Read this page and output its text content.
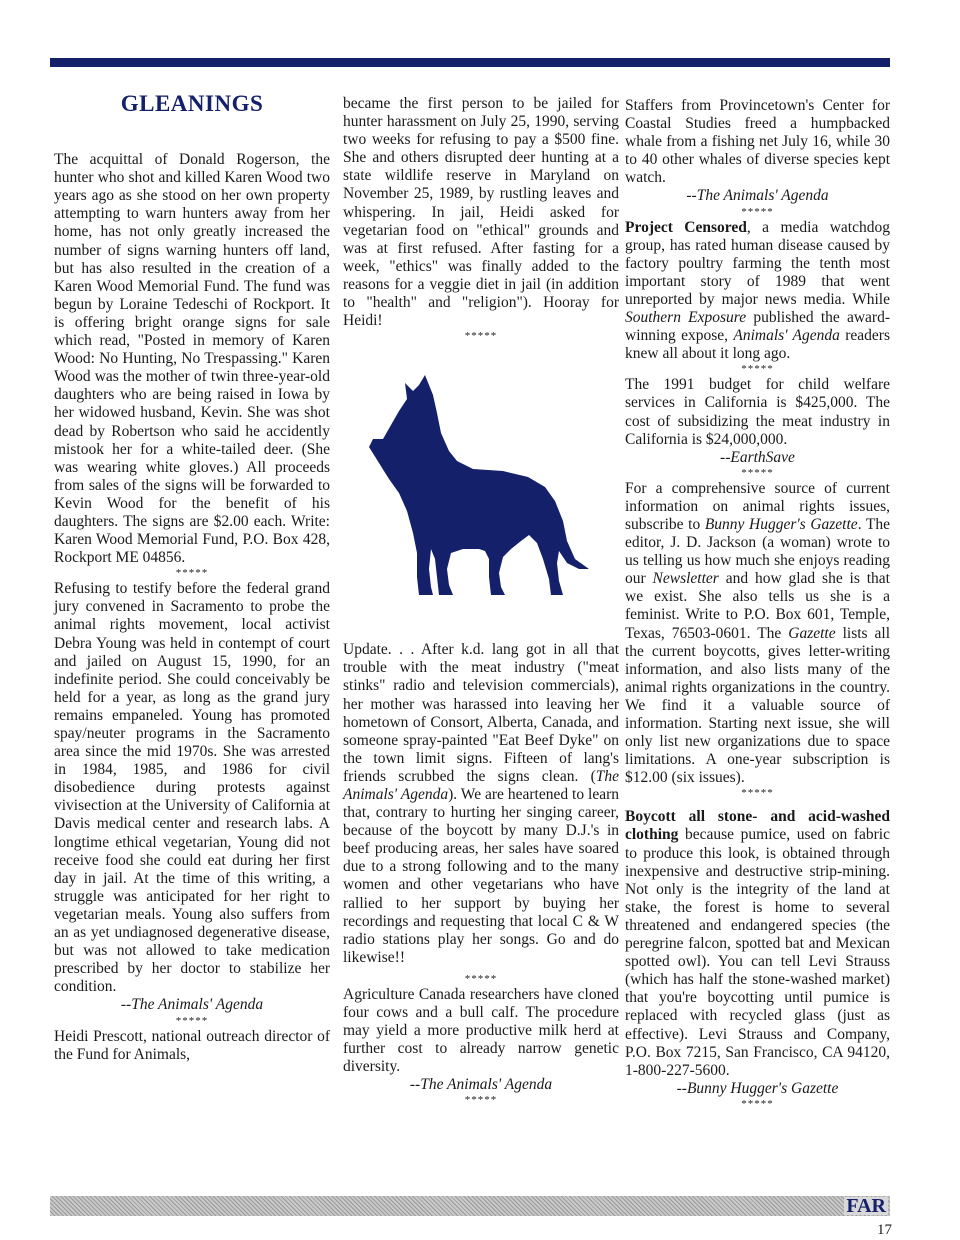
GLEANINGS

The acquittal of Donald Rogerson, the hunter who shot and killed Karen Wood two years ago as she stood on her own property attempting to warn hunters away from her home, has not only greatly increased the number of signs warning hunters off land, but has also resulted in the creation of a Karen Wood Memorial Fund. The fund was begun by Loraine Tedeschi of Rockport. It is offering bright orange signs for sale which read, "Posted in memory of Karen Wood: No Hunting, No Trespassing." Karen Wood was the mother of twin three-year-old daughters who are being raised in Iowa by her widowed husband, Kevin. She was shot dead by Robertson who said he accidently mistook her for a white-tailed deer. (She was wearing white gloves.) All proceeds from sales of the signs will be forwarded to Kevin Wood for the benefit of his daughters. The signs are $2.00 each. Write: Karen Wood Memorial Fund, P.O. Box 428, Rockport ME 04856.

*****

Refusing to testify before the federal grand jury convened in Sacramento to probe the animal rights movement, local activist Debra Young was held in contempt of court and jailed on August 15, 1990, for an indefinite period. She could conceivably be held for a year, as long as the grand jury remains empaneled. Young has promoted spay/neuter programs in the Sacramento area since the mid 1970s. She was arrested in 1984, 1985, and 1986 for civil disobedience during protests against vivisection at the University of California at Davis medical center and research labs. A longtime ethical vegetarian, Young did not receive food she could eat during her first day in jail. At the time of this writing, a struggle was anticipated for her right to vegetarian meals. Young also suffers from an as yet undiagnosed degenerative disease, but was not allowed to take medication prescribed by her doctor to stabilize her condition.

--The Animals' Agenda

*****

Heidi Prescott, national outreach director of the Fund for Animals,

became the first person to be jailed for hunter harassment on July 25, 1990, serving two weeks for refusing to pay a $500 fine. She and others disrupted deer hunting at a state wildlife reserve in Maryland on November 25, 1989, by rustling leaves and whispering. In jail, Heidi asked for vegetarian food on "ethical" grounds and was at first refused. After fasting for a week, "ethics" was finally added to the reasons for a veggie diet in jail (in addition to "health" and "religion"). Hooray for Heidi!

*****

Update. . . After k.d. lang got in all that trouble with the meat industry ("meat stinks" radio and television commercials), her mother was harassed into leaving her hometown of Consort, Alberta, Canada, and someone spray-painted "Eat Beef Dyke" on the town limit signs. Fifteen of lang's friends scrubbed the signs clean. (The Animals' Agenda). We are heartened to learn that, contrary to hurting her singing career, because of the boycott by many D.J.'s in beef producing areas, her sales have soared due to a strong following and to the many women and other vegetarians who have rallied to her support by buying her recordings and requesting that local C & W radio stations play her songs. Go and do likewise!!

*****

Agriculture Canada researchers have cloned four cows and a bull calf. The procedure may yield a more productive milk herd at further cost to already narrow genetic diversity.

--The Animals' Agenda

*****

Staffers from Provincetown's Center for Coastal Studies freed a humpbacked whale from a fishing net July 16, while 30 to 40 other whales of diverse species kept watch.

--The Animals' Agenda

*****

Project Censored, a media watchdog group, has rated human disease caused by factory poultry farming the tenth most important story of 1989 that went unreported by major news media. While Southern Exposure published the award-winning expose, Animals' Agenda readers knew all about it long ago.

*****

The 1991 budget for child welfare services in California is $425,000. The cost of subsidizing the meat industry in California is $24,000,000.

--EarthSave

*****

For a comprehensive source of current information on animal rights issues, subscribe to Bunny Hugger's Gazette. The editor, J. D. Jackson (a woman) wrote to us telling us how much she enjoys reading our Newsletter and how glad she is that we exist. She also tells us she is a feminist. Write to P.O. Box 601, Temple, Texas, 76503-0601. The Gazette lists all the current boycotts, gives letter-writing information, and also lists many of the animal rights organizations in the country. We find it a valuable source of information. Starting next issue, she will only list new organizations due to space limitations. A one-year subscription is $12.00 (six issues).

*****

Boycott all stone- and acid-washed clothing because pumice, used on fabric to produce this look, is obtained through inexpensive and destructive strip-mining. Not only is the integrity of the land at stake, the forest is home to several threatened and endangered species (the peregrine falcon, spotted bat and Mexican spotted owl). You can tell Levi Strauss (which has half the stone-washed market) that you're boycotting until pumice is replaced with recycled glass (just as effective). Levi Strauss and Company, P.O. Box 7215, San Francisco, CA 94120, 1-800-227-5600.

--Bunny Hugger's Gazette

*****

FAR
17
